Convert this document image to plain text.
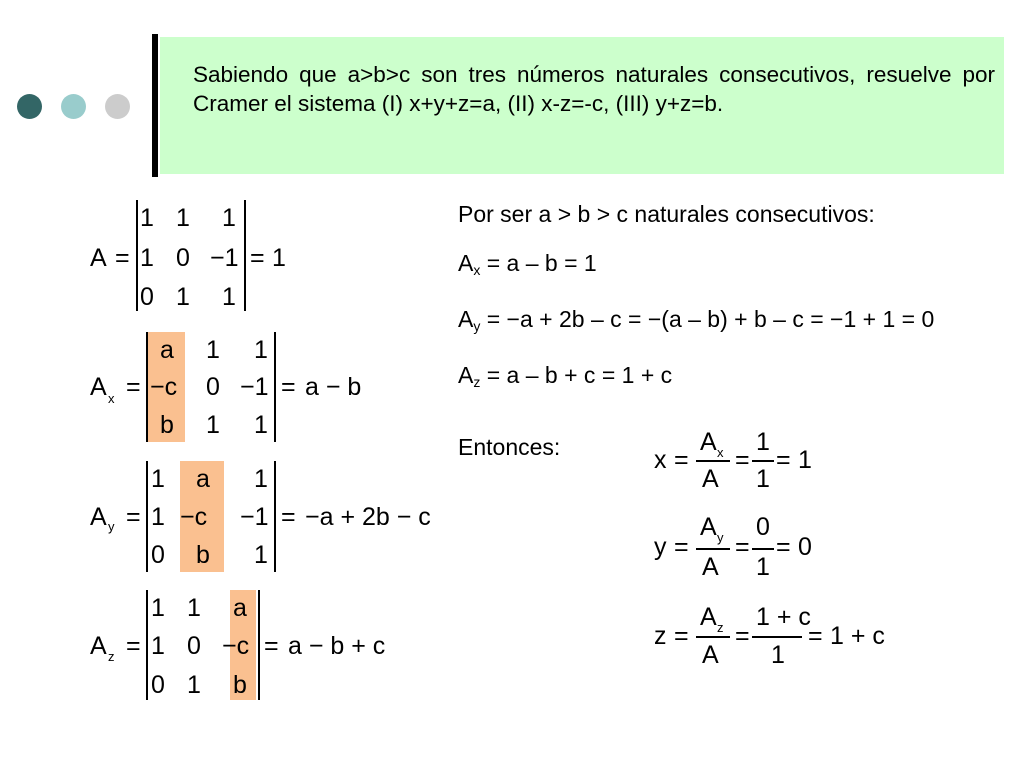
Sabiendo que a>b>c son tres números naturales consecutivos, resuelve por Cramer el sistema (I) x+y+z=a, (II) x-z=-c, (III) y+z=b.
A =
1 1 1
1 0 −1
0 1 1
= 1
A x =
a 1 1
−c 0 −1
b 1 1
= a − b
A y =
1 a 1
1 −c −1
0 b 1
= −a + 2b − c
A z =
1 1 a
1 0 −c
0 1 b
= a − b + c
Por ser a > b > c naturales consecutivos:
$A_x = a - b = 1$
$A_y = -a + 2b - c = -(a - b) + b - c = -1 + 1 = 0$
$A_z = a - b + c = 1 + c$
Entonces:	x =
A x
A
=
1
1
= 1
y =
A y
A
=
0
1
= 0
z =
A z
A
=
1 + c
1
= 1 + c
